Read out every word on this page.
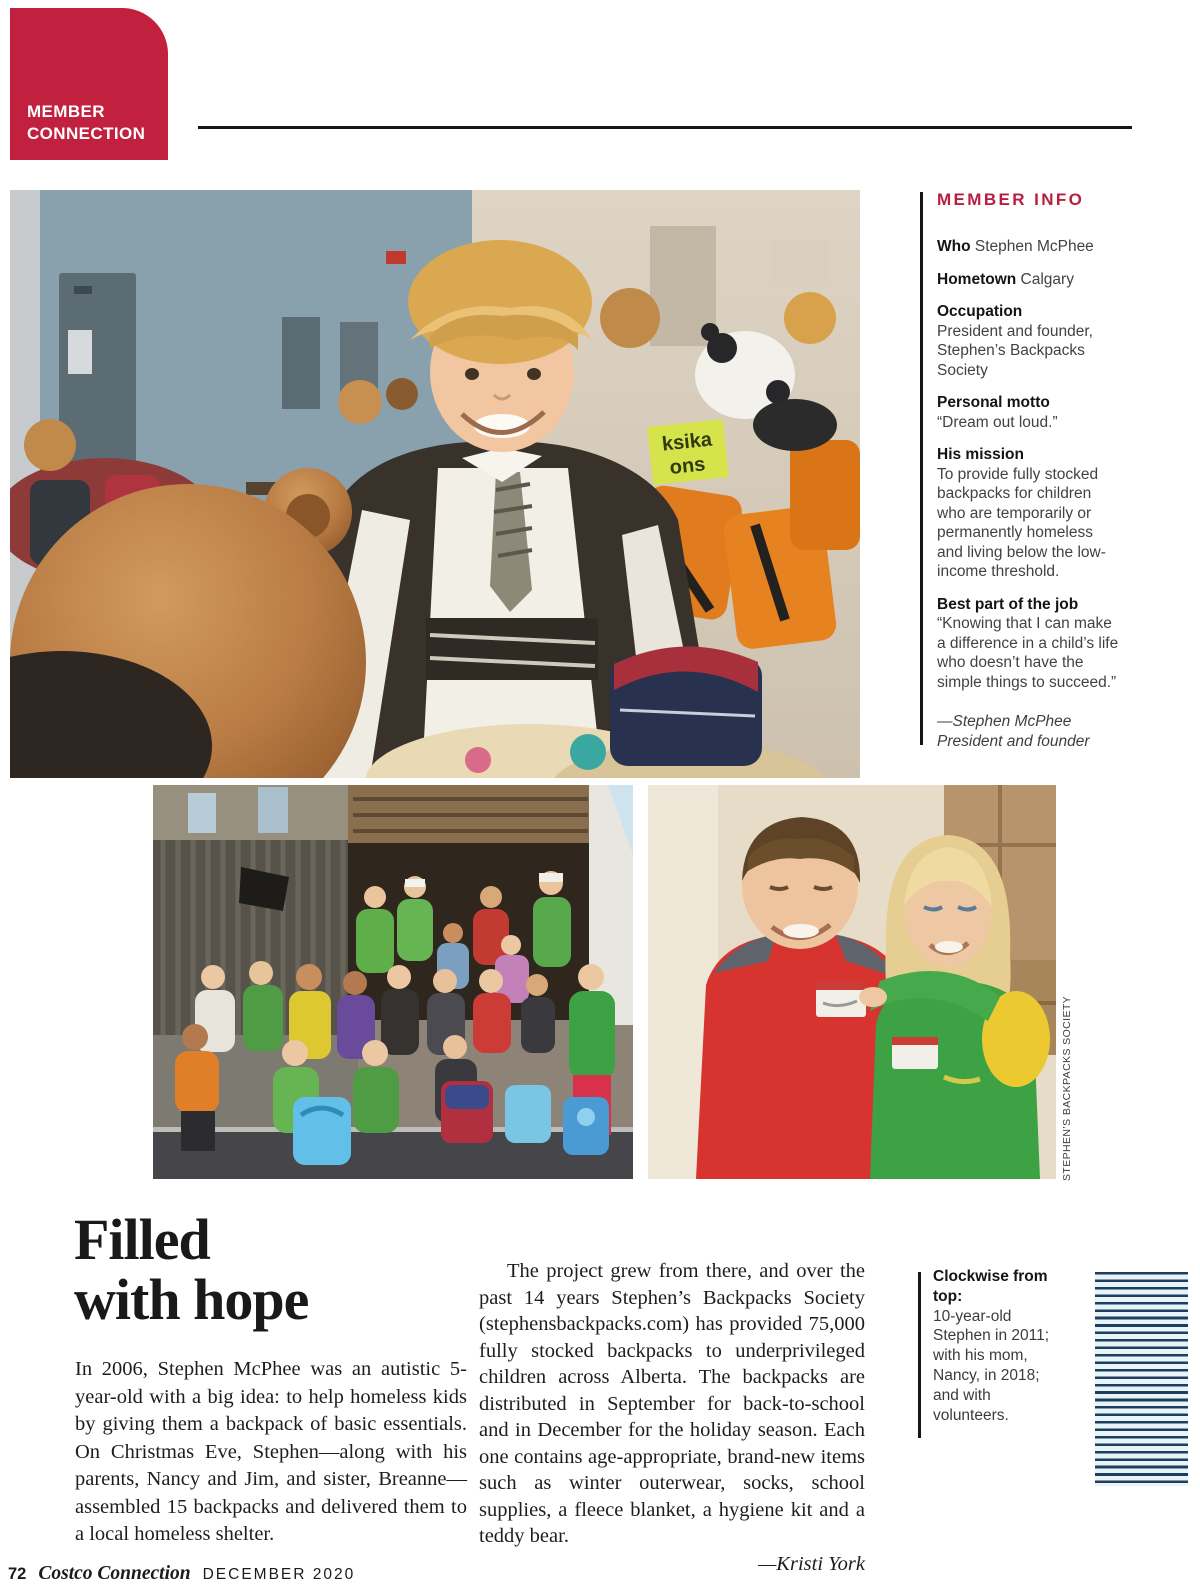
MEMBER
CONNECTION
ksika
ons

MEMBER INFO

Who Stephen McPhee

Hometown Calgary

Occupation
President and founder, Stephen’s Backpacks Society

Personal motto
“Dream out loud.”

His mission
To provide fully stocked backpacks for children who are temporarily or permanently homeless and living below the low-income threshold.

Best part of the job
“Knowing that I can make a difference in a child’s life who doesn’t have the simple things to succeed.”

—Stephen McPhee
President and founder

STEPHEN’S BACKPACKS SOCIETY
Filled
with hope
In 2006, Stephen McPhee was an autistic 5-year-old with a big idea: to help homeless kids by giving them a backpack of basic essentials. On Christmas Eve, Stephen—along with his parents, Nancy and Jim, and sister, Breanne—assembled 15 backpacks and delivered them to a local homeless shelter.

The project grew from there, and over the past 14 years Stephen’s Backpacks Society (stephensbackpacks.com) has provided 75,000 fully stocked backpacks to underprivileged children across Alberta. The backpacks are distributed in September for back-to-school and in December for the holiday season. Each one contains age-appropriate, brand-new items such as winter outerwear, socks, school supplies, a fleece blanket, a hygiene kit and a teddy bear.

—Kristi York
Clockwise from top:
10-year-old Stephen in 2011; with his mom, Nancy, in 2018; and with volunteers.
72 Costco Connection DECEMBER 2020
